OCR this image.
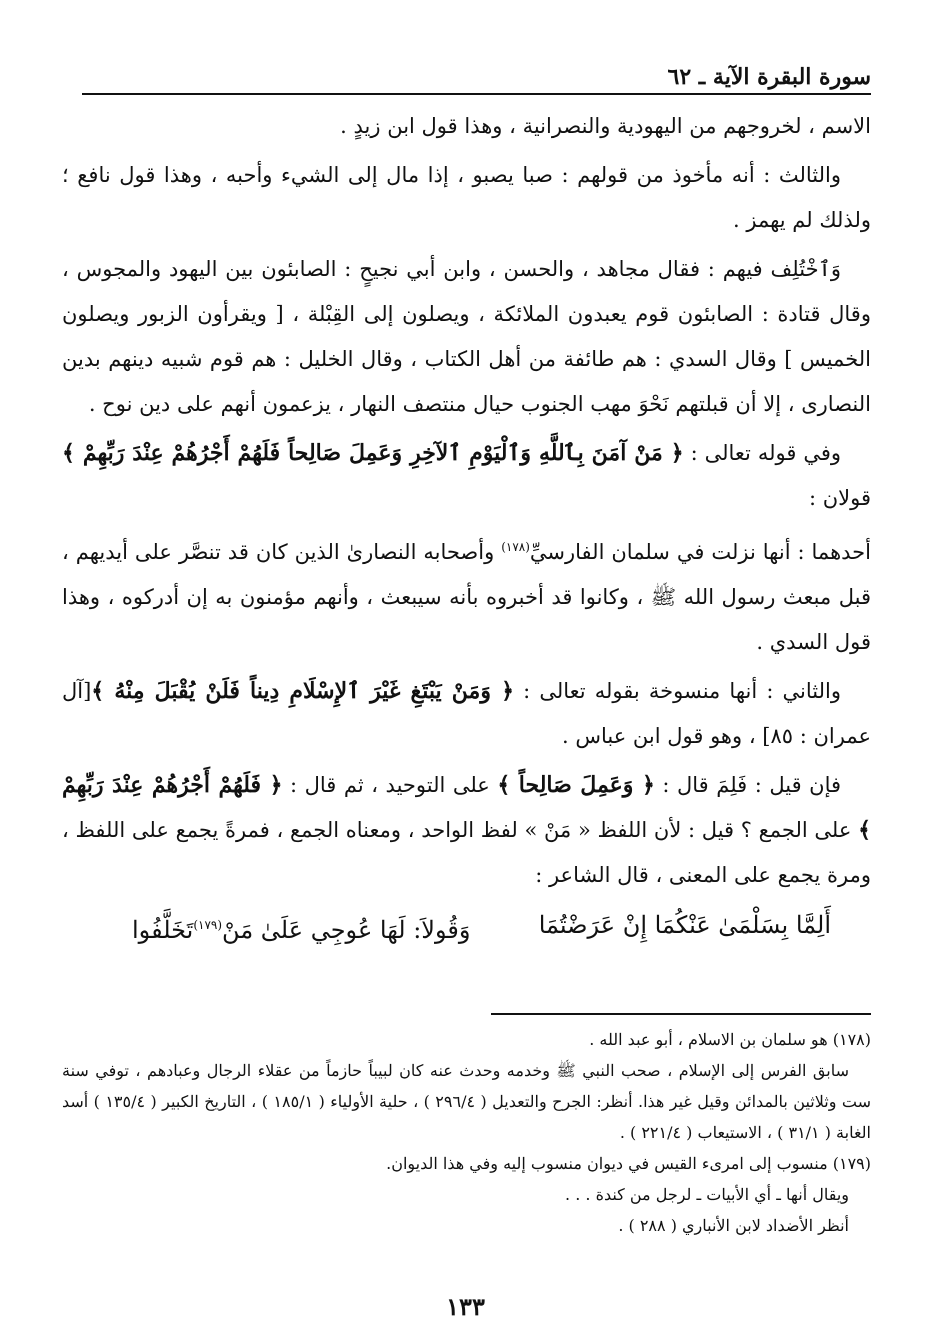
سورة البقرة الآية ـ ٦٢

الاسم ، لخروجهم من اليهودية والنصرانية ، وهذا قول ابن زيدٍ .

والثالث : أنه مأخوذ من قولهم : صبا يصبو ، إذا مال إلى الشيء وأحبه ، وهذا قول نافع ؛ ولذلك لم يهمز .

وَٱخْتُلِف فيهم : فقال مجاهد ، والحسن ، وابن أبي نجيحٍ : الصابئون بين اليهود والمجوس ، وقال قتادة : الصابئون قوم يعبدون الملائكة ، ويصلون إلى القِبْلة ، [ ويقرأون الزبور ويصلون الخميس ] وقال السدي : هم طائفة من أهل الكتاب ، وقال الخليل : هم قوم شبيه دينهم بدين النصارى ، إلا أن قبلتهم نَحْوَ مهب الجنوب حيال منتصف النهار ، يزعمون أنهم على دين نوح .

وفي قوله تعالى : ﴿ مَنْ آمَنَ بِٱللَّهِ وَٱلْيَوْمِ ٱلآخِرِ وَعَمِلَ صَالِحاً فَلَهُمْ أَجْرُهُمْ عِنْدَ رَبِّهِمْ ﴾ قولان :

أحدهما : أنها نزلت في سلمان الفارسيِّ$^{(١٧٨)}$ وأصحابه النصارىٰ الذين كان قد تنصَّر على أيديهم ، قبل مبعث رسول الله ﷺ ، وكانوا قد أخبروه بأنه سيبعث ، وأنهم مؤمنون به إن أدركوه ، وهذا قول السدي .

والثاني : أنها منسوخة بقوله تعالى : ﴿ وَمَنْ يَبْتَغِ غَيْرَ ٱلإِسْلَامِ دِيناً فَلَنْ يُقْبَلَ مِنْهُ ﴾[آل عمران : ٨٥] ، وهو قول ابن عباس .

فإن قيل : فَلِمَ قال : ﴿ وَعَمِلَ صَالِحاً ﴾ على التوحيد ، ثم قال : ﴿ فَلَهُمْ أَجْرُهُمْ عِنْدَ رَبِّهِمْ ﴾ على الجمع ؟ قيل : لأن اللفظ « مَنْ » لفظ الواحد ، ومعناه الجمع ، فمرةً يجمع على اللفظ ، ومرة يجمع على المعنى ، قال الشاعر :

أَلِمَّا بِسَلْمَىٰ عَنْكُمَا إِنْ عَرَضْتُمَا
وَقُولاَ: لَهَا عُوجِي عَلَىٰ مَنْ$^{(١٧٩)}$تَخَلَّفُوا

(١٧٨) هو سلمان بن الاسلام ، أبو عبد الله .

سابق الفرس إلى الإسلام ، صحب النبي ﷺ وخدمه وحدث عنه كان لبيباً حازماً من عقلاء الرجال وعبادهم ، توفي سنة ست وثلاثين بالمدائن وقيل غير هذا. أنظر: الجرح والتعديل ( ٢٩٦/٤ ) ، حلية الأولياء ( ١٨٥/١ ) ، التاريخ الكبير ( ١٣٥/٤ ) أسد الغابة ( ٣١/١ ) ، الاستيعاب ( ٢٢١/٤ ) .

(١٧٩) منسوب إلى امرىء القيس في ديوان منسوب إليه وفي هذا الديوان.

ويقال أنها ـ أي الأبيات ـ لرجل من كندة . . .

أنظر الأضداد لابن الأنباري ( ٢٨٨ ) .

١٣٣
